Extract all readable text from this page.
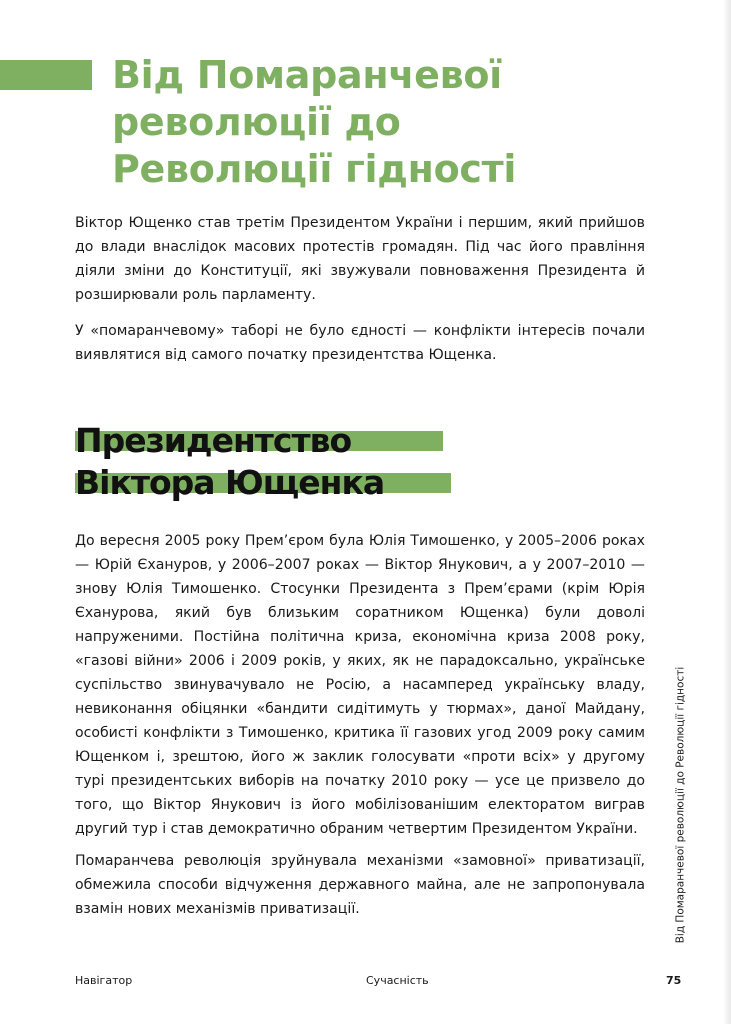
Від Помаранчевої
революції до
Революції гідності

Віктор Ющенко став третім Президентом України і першим, який прийшов до влади внаслідок масових протестів громадян. Під час його правління діяли зміни до Конституції, які звужували повноваження Президента й розширювали роль парламенту.

У «помаранчевому» таборі не було єдності — конфлікти інтересів почали виявлятися від самого початку президентства Ющенка.

Президентство
Віктора Ющенка

До вересня 2005 року Прем’єром була Юлія Тимошенко, у 2005–2006 роках — Юрій Єхануров, у 2006–2007 роках — Віктор Янукович, а у 2007–2010 — знову Юлія Тимошенко. Стосунки Президента з Прем’єрами (крім Юрія Єханурова, який був близьким соратником Ющенка) були доволі напруженими. Постійна політична криза, економічна криза 2008 року, «газові війни» 2006 і 2009 років, у яких, як не парадоксально, українське суспільство звинувачувало не Росію, а насамперед українську владу, невиконання обіцянки «бандити сидітимуть у тюрмах», даної Майдану, особисті конфлікти з Тимошенко, критика її газових угод 2009 року самим Ющенком і, зрештою, його ж заклик голосувати «проти всіх» у другому турі президентських виборів на початку 2010 року — усе це призвело до того, що Віктор Янукович із його мобілізованішим електоратом виграв другий тур і став демократично обраним четвертим Президентом України.

Помаранчева революція зруйнувала механізми «замовної» приватизації, обмежила способи відчуження державного майна, але не запропонувала взамін нових механізмів приватизації.	Від Помаранчевої революції до Революції гідності
Навігатор	Сучасність	75
